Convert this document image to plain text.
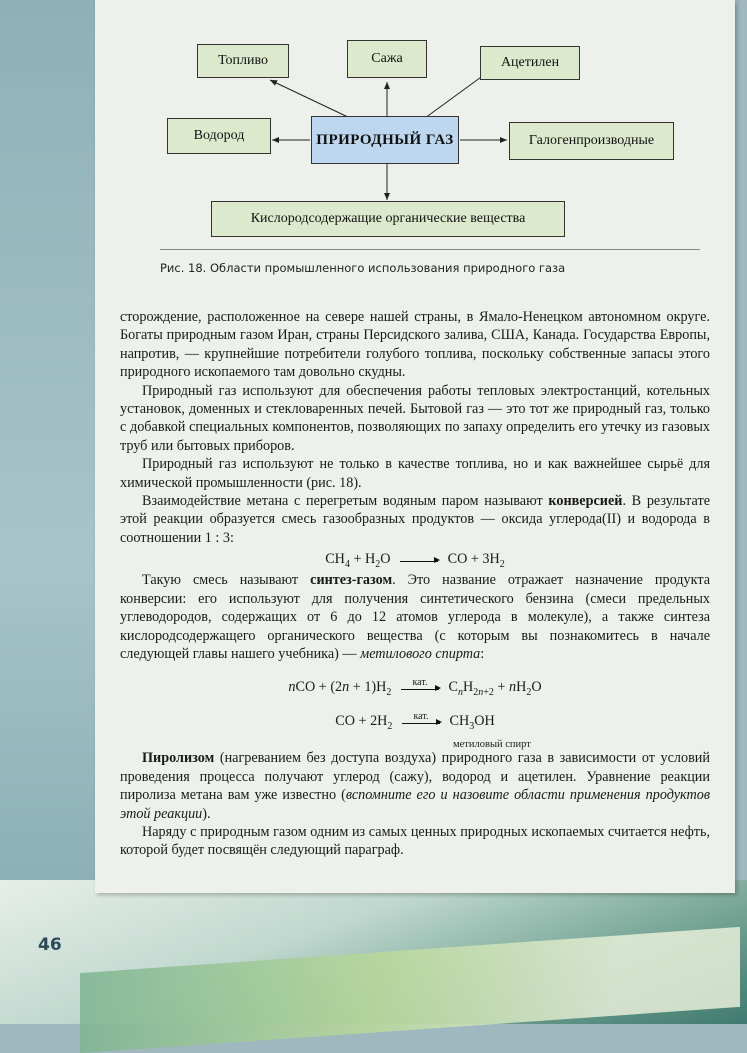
Топливо	Сажа	Ацетилен
Водород	ПРИРОДНЫЙ ГАЗ	Галогенпроизводные
Кислородсодержащие органические вещества
Рис. 18. Области промышленного использования природного газа

сторождение, расположенное на севере нашей страны, в Ямало-Ненецком автономном округе. Богаты природным газом Иран, страны Персидского залива, США, Канада. Государства Европы, напротив, — крупнейшие потребители голубого топлива, поскольку собственные запасы этого природного ископаемого там довольно скудны.

Природный газ используют для обеспечения работы тепловых электростанций, котельных установок, доменных и стекловаренных печей. Бытовой газ — это тот же природный газ, только с добавкой специальных компонентов, позволяющих по запаху определить его утечку из газовых труб или бытовых приборов.

Природный газ используют не только в качестве топлива, но и как важнейшее сырьё для химической промышленности (рис. 18).

Взаимодействие метана с перегретым водяным паром называют конверсией. В результате этой реакции образуется смесь газообразных продуктов — оксида углерода(II) и водорода в соотношении 1 : 3:

$CH_4 + H_2O$	CO + $3H_2$

Такую смесь называют синтез-газом. Это название отражает назначение продукта конверсии: его используют для получения синтетического бензина (смеси предельных углеводородов, содержащих от 6 до 12 атомов углерода в молекуле), а также синтеза кислородсодержащего органического вещества (с которым вы познакомитесь в начале следующей главы нашего учебника) — метилового спирта:

nCO + $(2n + 1)H_2$
кат.	$C_nH_{2n+2} + nH_2O$
CO + $2H_2$
кат.	$CH_3OH$
метиловый спирт

Пиролизом (нагреванием без доступа воздуха) природного газа в зависимости от условий проведения процесса получают углерод (сажу), водород и ацетилен. Уравнение реакции пиролиза метана вам уже известно (вспомните его и назовите области применения продуктов этой реакции).

Наряду с природным газом одним из самых ценных природных ископаемых считается нефть, которой будет посвящён следующий параграф.

46
